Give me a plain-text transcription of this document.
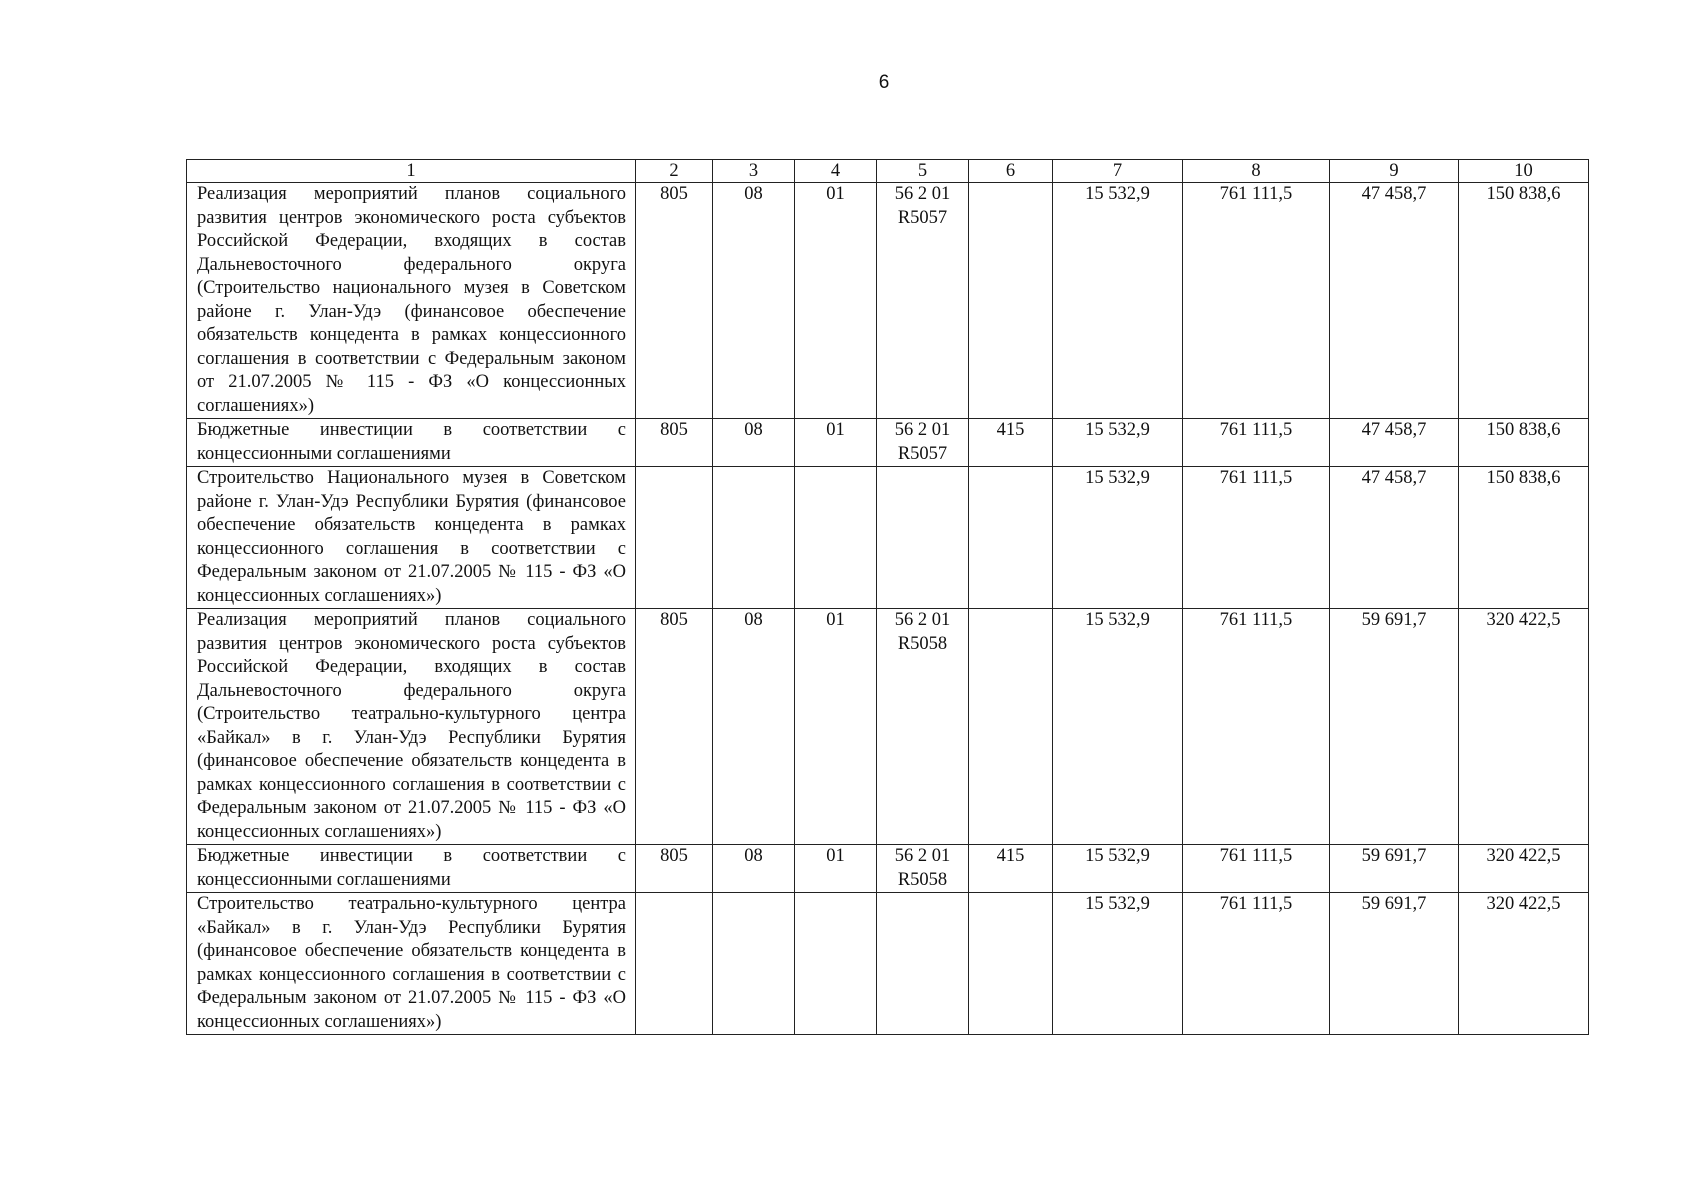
6
1	2	3	4	5	6	7	8	9	10
Реализация мероприятий планов социального развития центров экономического роста субъектов Российской Федерации, входящих в состав Дальневосточного федерального округа (Строительство национального музея в Советском районе г. Улан-Удэ (финансовое обеспечение обязательств концедента в рамках концессионного соглашения в соответствии с Федеральным законом от 21.07.2005 № 115 - ФЗ «О концессионных соглашениях»)	805	08	01	56 2 01
R5057		15 532,9	761 111,5	47 458,7	150 838,6
Бюджетные инвестиции в соответствии с концессионными соглашениями	805	08	01	56 2 01
R5057	415	15 532,9	761 111,5	47 458,7	150 838,6
Строительство Национального музея в Советском районе г. Улан-Удэ Республики Бурятия (финансовое обеспечение обязательств концедента в рамках концессионного соглашения в соответствии с Федеральным законом от 21.07.2005 № 115 - ФЗ «О концессионных соглашениях»)						15 532,9	761 111,5	47 458,7	150 838,6
Реализация мероприятий планов социального развития центров экономического роста субъектов Российской Федерации, входящих в состав Дальневосточного федерального округа (Строительство театрально-культурного центра «Байкал» в г. Улан-Удэ Республики Бурятия (финансовое обеспечение обязательств концедента в рамках концессионного соглашения в соответствии с Федеральным законом от 21.07.2005 № 115 - ФЗ «О концессионных соглашениях»)	805	08	01	56 2 01
R5058		15 532,9	761 111,5	59 691,7	320 422,5
Бюджетные инвестиции в соответствии с концессионными соглашениями	805	08	01	56 2 01
R5058	415	15 532,9	761 111,5	59 691,7	320 422,5
Строительство театрально-культурного центра «Байкал» в г. Улан-Удэ Республики Бурятия (финансовое обеспечение обязательств концедента в рамках концессионного соглашения в соответствии с Федеральным законом от 21.07.2005 № 115 - ФЗ «О концессионных соглашениях»)						15 532,9	761 111,5	59 691,7	320 422,5
